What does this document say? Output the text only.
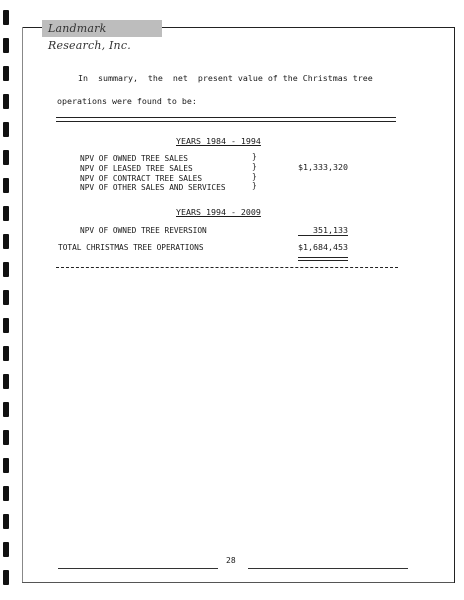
Landmark Research, Inc.
In  summary,  the  net  present value of the Christmas tree
operations were found to be:
YEARS 1984 - 1994
NPV OF OWNED TREE SALES
NPV OF LEASED TREE SALES
NPV OF CONTRACT TREE SALES
NPV OF OTHER SALES AND SERVICES
}
}
}
}
$1,333,320
YEARS 1994 - 2009
NPV OF OWNED TREE REVERSION	351,133
TOTAL CHRISTMAS TREE OPERATIONS	$1,684,453
28
